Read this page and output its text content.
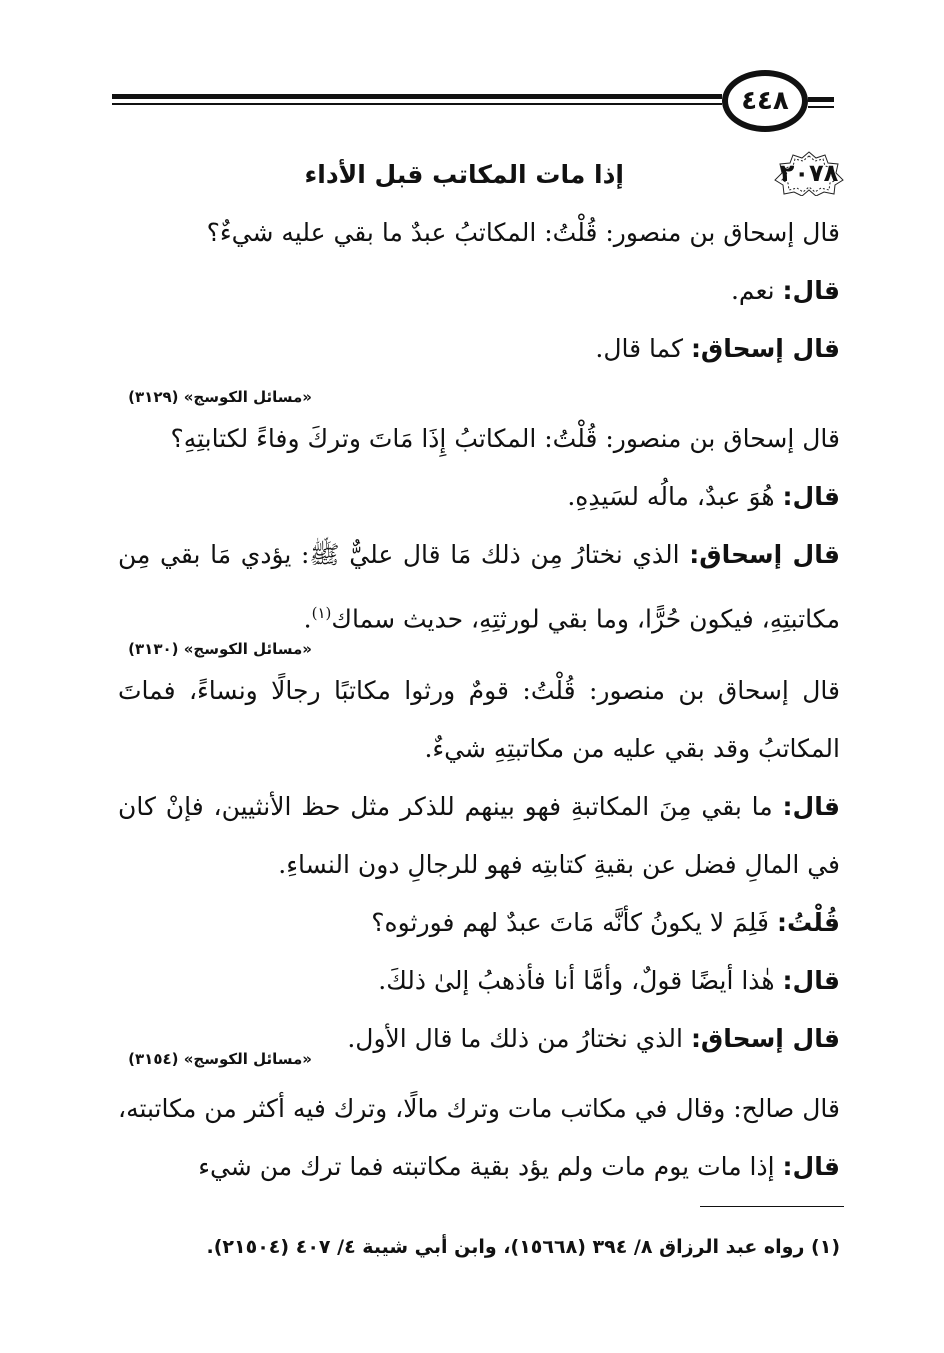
٤٤٨
٢٠٧٨
إذا مات المكاتب قبل الأداء
قال إسحاق بن منصور: قُلْتُ: المكاتبُ عبدٌ ما بقي عليه شيءٌ؟
قال: نعم.
قال إسحاق: كما قال.
«مسائل الكوسج» (٣١٢٩)
قال إسحاق بن منصور: قُلْتُ: المكاتبُ إِذَا مَاتَ وتركَ وفاءً لكتابتِهِ؟
قال: هُوَ عبدٌ، مالُه لسَيدِهِ.
قال إسحاق: الذي نختارُ مِن ذلك مَا قال عليٌّ ﷺ: يؤدي مَا بقي مِن مكاتبتِهِ، فيكون حُرًّا، وما بقي لورثتِهِ، حديث سماك$^{(١)}$.
«مسائل الكوسج» (٣١٣٠)
قال إسحاق بن منصور: قُلْتُ: قومٌ ورثوا مكاتبًا رجالًا ونساءً، فماتَ المكاتبُ وقد بقي عليه من مكاتبتِهِ شيءٌ.
قال: ما بقي مِنَ المكاتبةِ فهو بينهم للذكر مثل حظ الأنثيين، فإنْ كان في المالِ فضل عن بقيةِ كتابتِه فهو للرجالِ دون النساءِ.
قُلْتُ: فَلِمَ لا يكونُ كأنَّه مَاتَ عبدٌ لهم فورثوه؟
قال: هٰذا أيضًا قولٌ، وأمَّا أنا فأذهبُ إلىٰ ذلكَ.
قال إسحاق: الذي نختارُ من ذلك ما قال الأول.
«مسائل الكوسج» (٣١٥٤)
قال صالح: وقال في مكاتب مات وترك مالًا، وترك فيه أكثر من مكاتبته، قال: إذا مات يوم مات ولم يؤد بقية مكاتبته فما ترك من شيء
(١) رواه عبد الرزاق ٨/ ٣٩٤ (١٥٦٦٨)، وابن أبي شيبة ٤/ ٤٠٧ (٢١٥٠٤).
